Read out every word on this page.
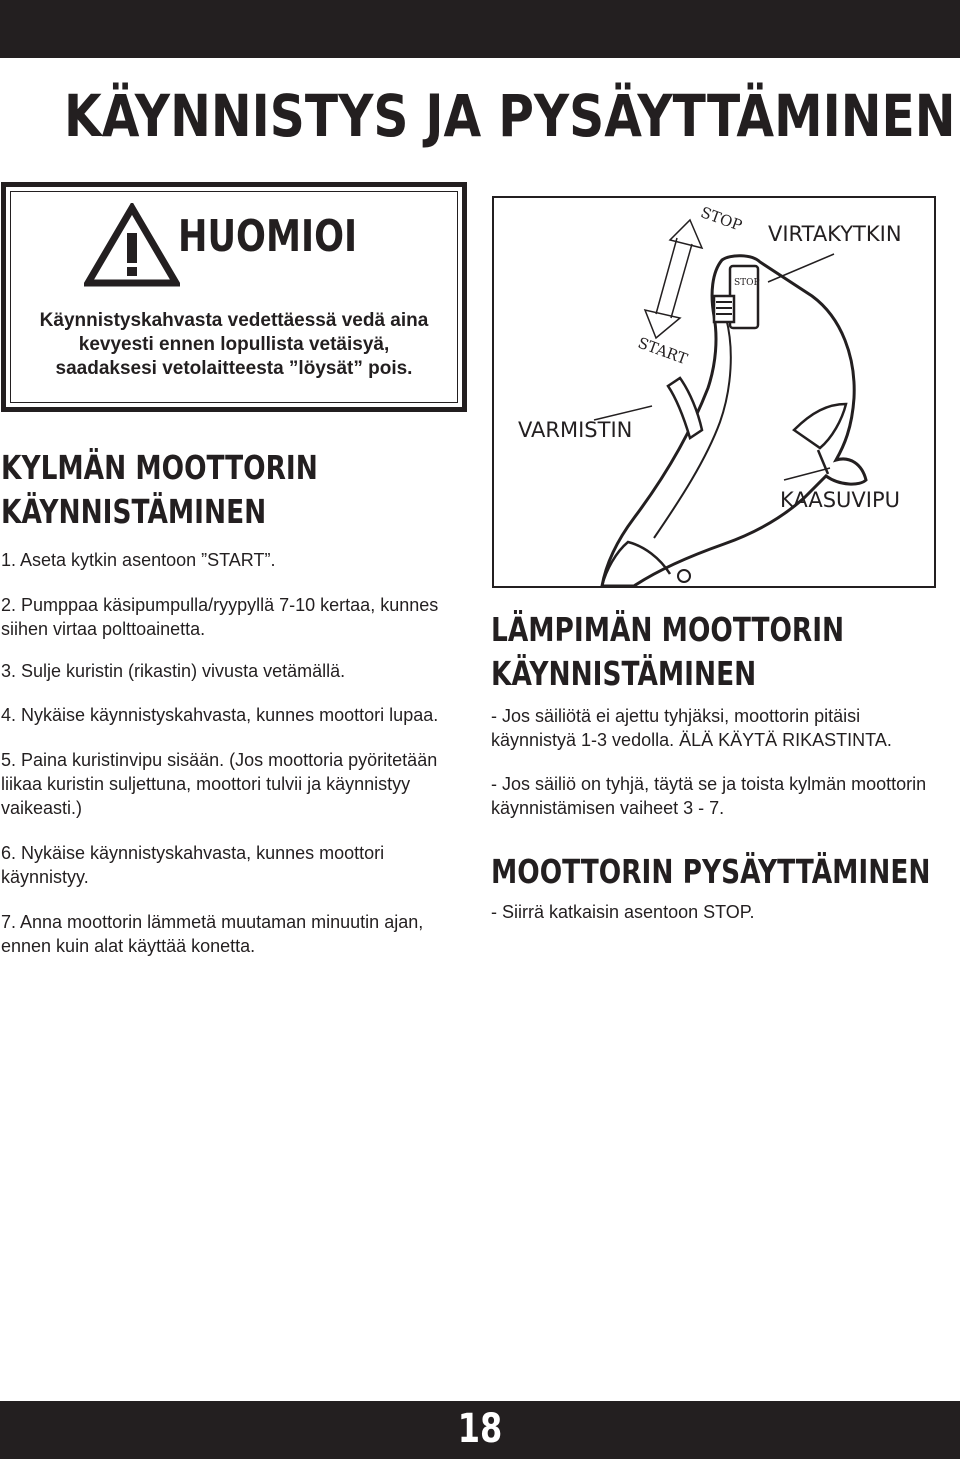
KÄYNNISTYS JA PYSÄYTTÄMINEN
HUOMIOI

Käynnistyskahvasta vedettäessä vedä aina
kevyesti ennen lopullista vetäisyä,
saadaksesi vetolaitteesta ”löysät” pois.

KYLMÄN MOOTTORIN
KÄYNNISTÄMINEN

1. Aseta kytkin asentoon ”START”.

2. Pumppaa käsipumpulla/ryypyllä 7-10 kertaa, kunnes siihen virtaa polttoainetta.

3. Sulje kuristin (rikastin) vivusta vetämällä.

4. Nykäise käynnistyskahvasta, kunnes moottori lupaa.

5. Paina kuristinvipu sisään. (Jos moottoria pyöritetään liikaa kuristin suljettuna, moottori tulvii ja käynnistyy vaikeasti.)

6. Nykäise käynnistyskahvasta, kunnes moottori käynnistyy.

7. Anna moottorin lämmetä muutaman minuutin ajan, ennen kuin alat käyttää konetta.

STOP
START
STOP
VIRTAKYTKIN
VARMISTIN
KAASUVIPU
LÄMPIMÄN MOOTTORIN
KÄYNNISTÄMINEN

- Jos säiliötä ei ajettu tyhjäksi, moottorin pitäisi käynnistyä 1-3 vedolla. ÄLÄ KÄYTÄ RIKASTINTA.

- Jos säiliö on tyhjä, täytä se ja toista kylmän moottorin käynnistämisen vaiheet 3 - 7.

MOOTTORIN PYSÄYTTÄMINEN

- Siirrä katkaisin asentoon STOP.

18
